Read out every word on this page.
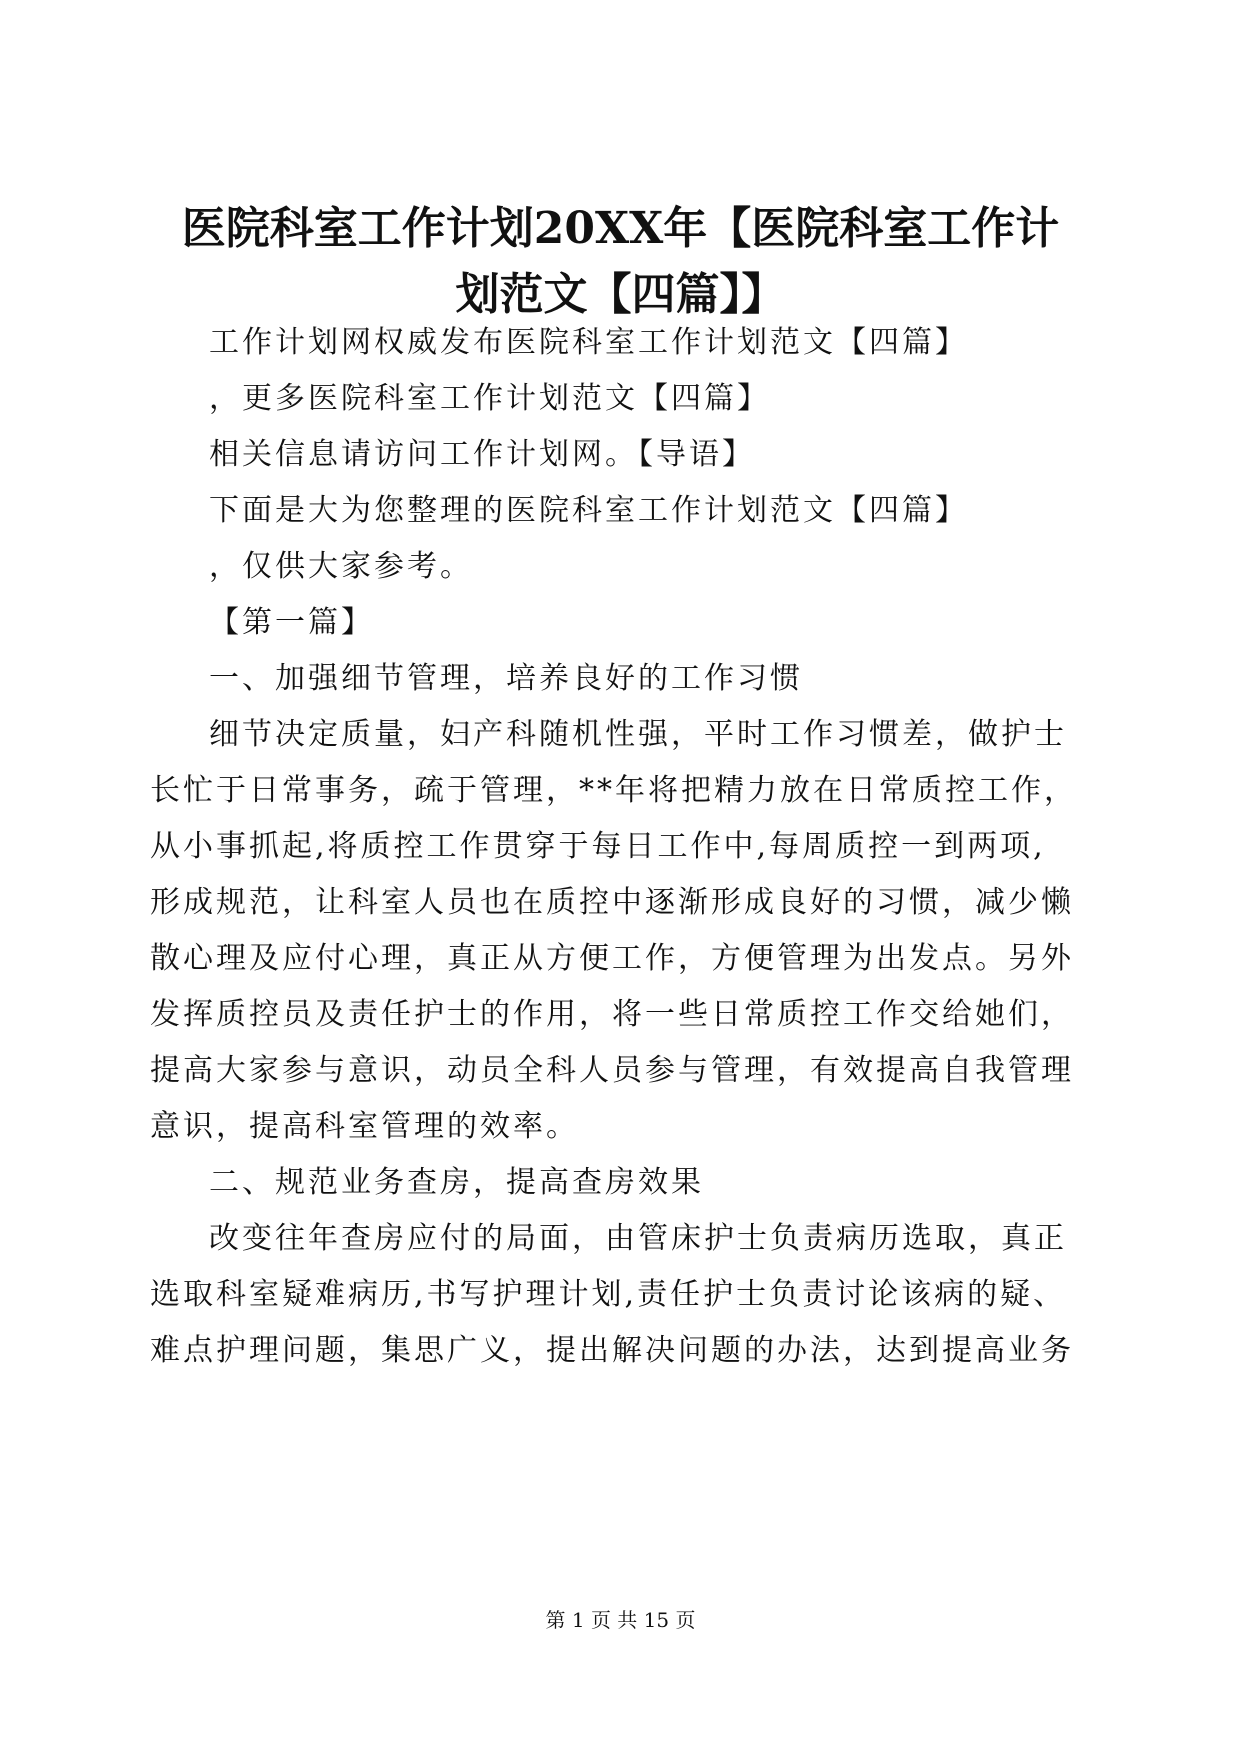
医院科室工作计划20XX年【医院科室工作计
划范文【四篇】】
工作计划网权威发布医院科室工作计划范文【四篇】
，更多医院科室工作计划范文【四篇】
相关信息请访问工作计划网。【导语】
下面是大为您整理的医院科室工作计划范文【四篇】
，仅供大家参考。
【第一篇】
一、加强细节管理，培养良好的工作习惯
细节决定质量，妇产科随机性强，平时工作习惯差，做护士
长忙于日常事务，疏于管理，**年将把精力放在日常质控工作，
从小事抓起,将质控工作贯穿于每日工作中,每周质控一到两项,
形成规范，让科室人员也在质控中逐渐形成良好的习惯，减少懒
散心理及应付心理，真正从方便工作，方便管理为出发点。另外
发挥质控员及责任护士的作用，将一些日常质控工作交给她们，
提高大家参与意识，动员全科人员参与管理，有效提高自我管理
意识，提高科室管理的效率。
二、规范业务查房，提高查房效果
改变往年查房应付的局面，由管床护士负责病历选取，真正
选取科室疑难病历,书写护理计划,责任护士负责讨论该病的疑、
难点护理问题，集思广义，提出解决问题的办法，达到提高业务
第 1 页 共 15 页
